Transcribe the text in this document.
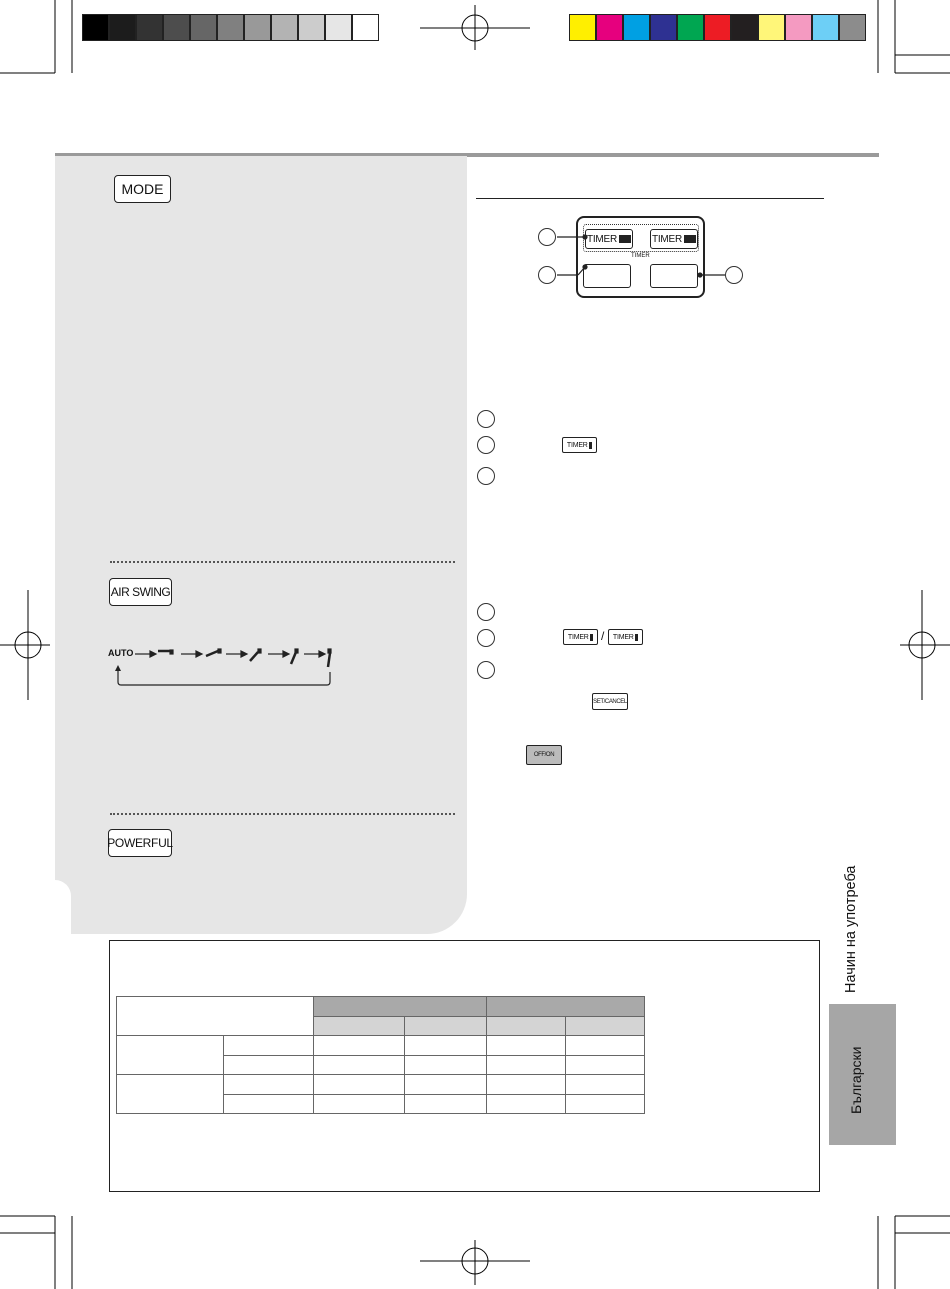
MODE
AIR SWING
AUTO
POWERFUL
TIMER	TIMER
TIMER
TIMER

TIMER
/ TIMER

SET/CANCEL
OFF/ON

Начин на употреба
Български
